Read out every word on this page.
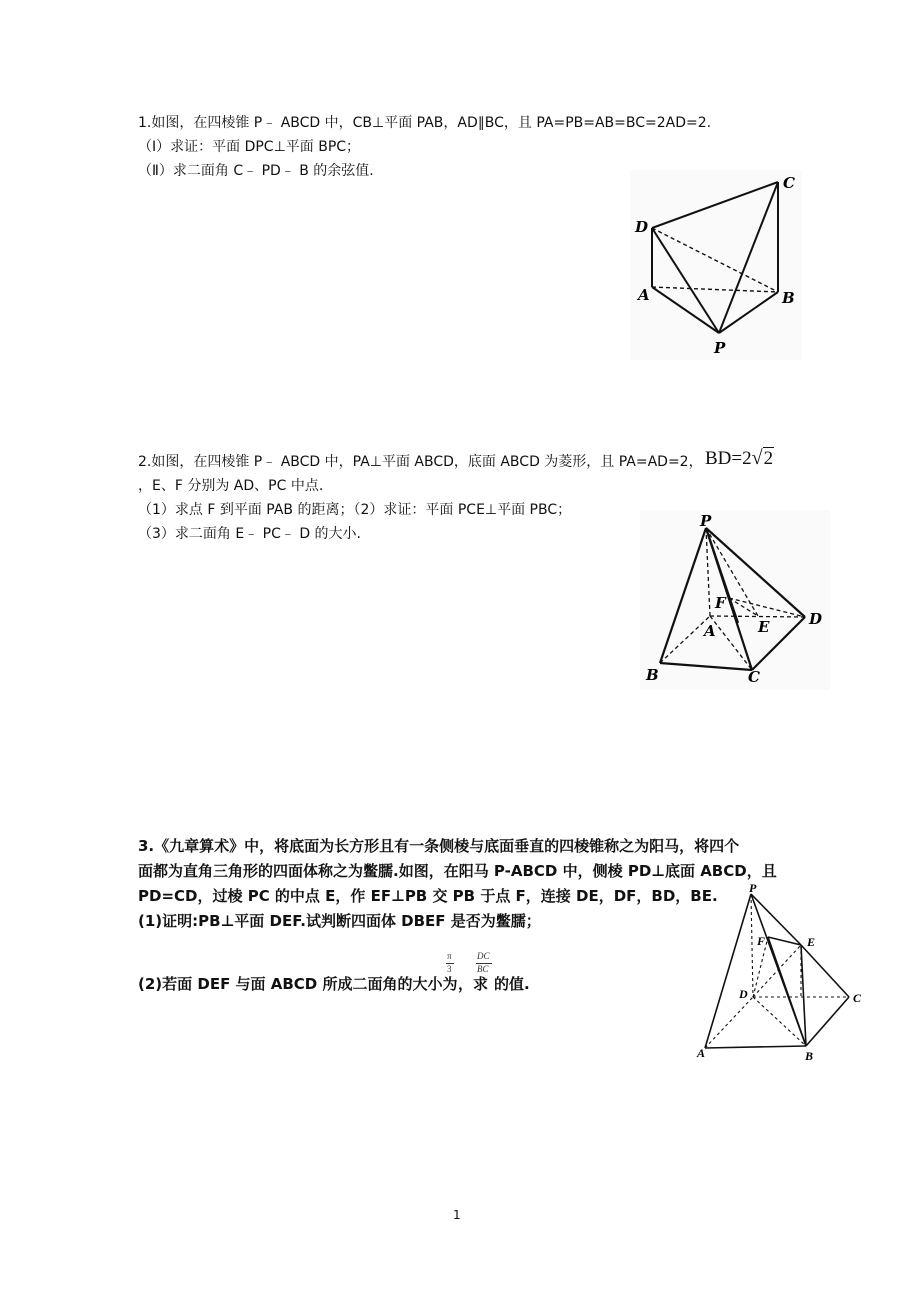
1.如图，在四棱锥 P﹣ ABCD 中，CB⊥平面 PAB，AD∥BC，且 PA=PB=AB=BC=2AD=2.
（Ⅰ）求证：平面 DPC⊥平面 BPC；
（Ⅱ）求二面角 C﹣ PD﹣ B 的余弦值.
D
A	B
C
P
2.如图，在四棱锥 P﹣ ABCD 中，PA⊥平面 ABCD，底面 ABCD 为菱形，且 PA=AD=2， BD=2√2
，E、F 分别为 AD、PC 中点.
（1）求点 F 到平面 PAB 的距离；（2）求证：平面 PCE⊥平面 PBC；
（3）求二面角 E﹣ PC﹣ D 的大小.
P
F
A	E	D
B	C
3.《九章算术》中，将底面为长方形且有一条侧棱与底面垂直的四棱锥称之为阳马，将四个
面都为直角三角形的四面体称之为鳖臑.如图，在阳马 P-ABCD 中，侧棱 PD⊥底面 ABCD，且
PD=CD，过棱 PC 的中点 E，作 EF⊥PB 交 PB 于点 F，连接 DE，DF，BD，BE.
(1)证明:PB⊥平面 DEF.试判断四面体 DBEF 是否为鳖臑；
(2)若面 DEF 与面 ABCD 所成二面角的大小为
π
3
，求
DC
BC
的值.
P
F	E
D	C
A	B
1
